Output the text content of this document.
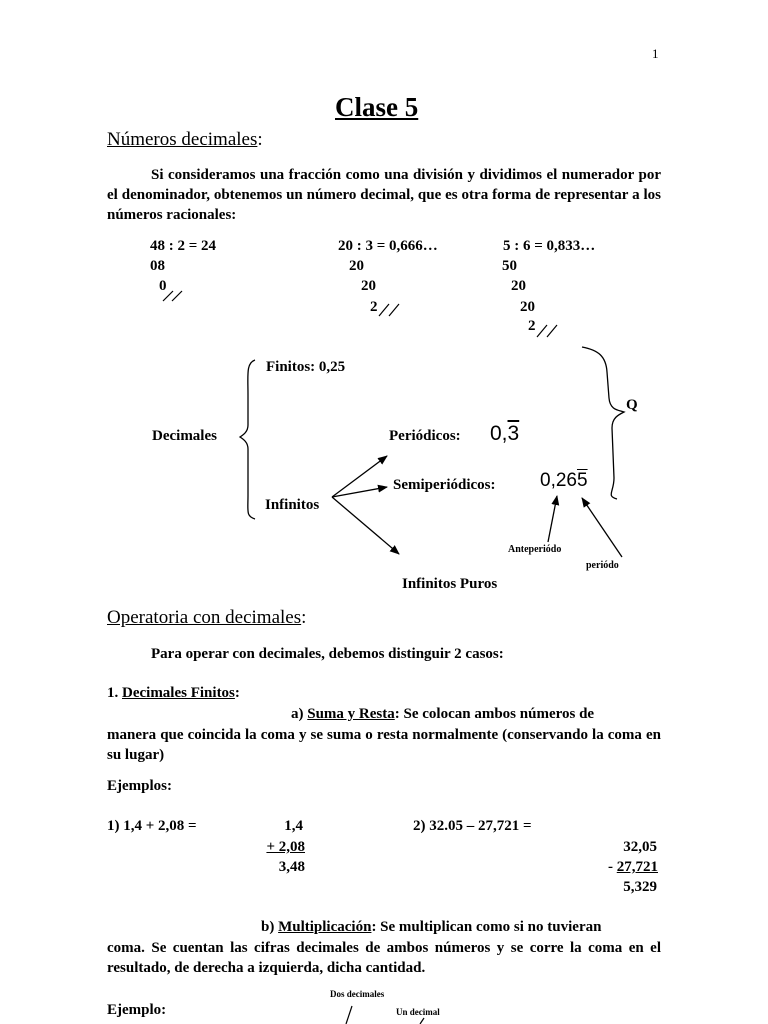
1
Clase 5
Números decimales:
Si consideramos una fracción como una división y dividimos el numerador por el denominador, obtenemos un número decimal, que es otra forma de representar a los números racionales:
48 : 2 = 24
08
0
20 : 3 = 0,666…
20
20
2
5 : 6 = 0,833…
50
20
20
2
Finitos: 0,25
Decimales	Periódicos: 0,3
Q
Semiperiódicos: 0,265
Infinitos
Anteperiódo
periódo
Infinitos Puros
Operatoria con decimales:
Para operar con decimales, debemos distinguir 2 casos:
1. Decimales Finitos:
a) Suma y Resta: Se colocan ambos números de
manera que coincida la coma y se suma o resta normalmente (conservando la coma en su lugar)
Ejemplos:
1) 1,4 + 2,08 =	1,4
+ 2,08
3,48
2) 32.05 – 27,721 =
32,05
- 27,721
5,329
b) Multiplicación: Se multiplican como si no tuvieran
coma. Se cuentan las cifras decimales de ambos números y se corre la coma en el resultado, de derecha a izquierda, dicha cantidad.
Ejemplo:
Dos decimales
Un decimal
